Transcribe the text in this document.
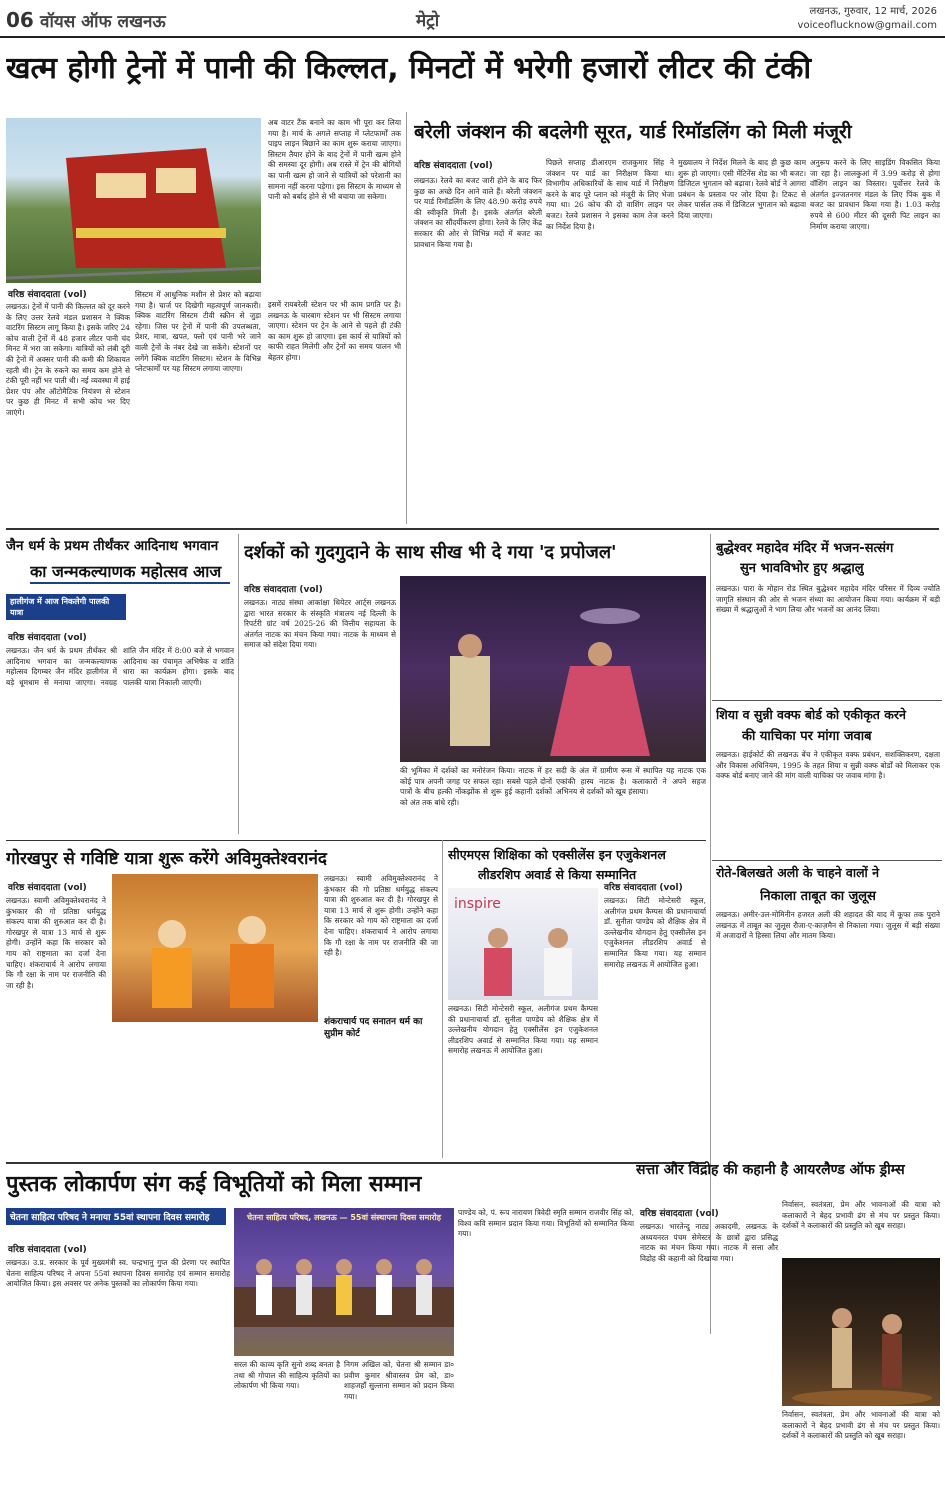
06 वॉयस ऑफ लखनऊ	मेट्रो	लखनऊ, गुरुवार, 12 मार्च, 2026
voiceoflucknow@gmail.com
खत्म होगी ट्रेनों में पानी की किल्लत, मिनटों में भरेगी हजारों लीटर की टंकी
वरिष्ठ संवाददाता (vol)
लखनऊ। ट्रेनों में पानी की किल्लत को दूर करने के लिए उत्तर रेलवे मंडल प्रशासन ने क्विक वाटरिंग सिस्टम लागू किया है। इसके जरिए 24 कोच वाली ट्रेनों में 48 हजार लीटर पानी चंद मिनट में भरा जा सकेगा। यात्रियों को लंबी दूरी की ट्रेनों में अक्सर पानी की कमी की शिकायत रहती थी। ट्रेन के रुकने का समय कम होने से टंकी पूरी नहीं भर पाती थी। नई व्यवस्था में हाई प्रेशर पंप और ऑटोमैटिक नियंत्रण से स्टेशन पर कुछ ही मिनट में सभी कोच भर दिए जाएंगे।
सिस्टम में आधुनिक मशीन से प्रेशर को बढ़ाया गया है। चार्ज पर दिखेगी महत्वपूर्ण जानकारी। क्विक वाटरिंग सिस्टम टीवी स्क्रीन से जुड़ा रहेगा। जिस पर ट्रेनों में पानी की उपलब्धता, प्रेशर, मात्रा, खपत, फ्लो एवं पानी भरे जाने वाली ट्रेनों के नंबर देखे जा सकेंगे। स्टेशनों पर लगेंगे क्विक वाटरिंग सिस्टम। स्टेशन के विभिन्न प्लेटफार्मों पर यह सिस्टम लगाया जाएगा।
अब वाटर टैंक बनाने का काम भी पूरा कर लिया गया है। मार्च के अगले सप्ताह में प्लेटफार्मों तक पाइप लाइन बिछाने का काम शुरू कराया जाएगा। सिस्टम तैयार होने के बाद ट्रेनों में पानी खत्म होने की समस्या दूर होगी। अब रास्ते में ट्रेन की बोगियों का पानी खत्म हो जाने से यात्रियों को परेशानी का सामना नहीं करना पड़ेगा। इस सिस्टम के माध्यम से पानी को बर्बाद होने से भी बचाया जा सकेगा।
इसमें रायबरेली स्टेशन पर भी काम प्रगति पर है। लखनऊ के चारबाग स्टेशन पर भी सिस्टम लगाया जाएगा। स्टेशन पर ट्रेन के आने से पहले ही टंकी का काम शुरू हो जाएगा। इस कार्य से यात्रियों को काफी राहत मिलेगी और ट्रेनों का समय पालन भी बेहतर होगा।
बरेली जंक्शन की बदलेगी सूरत, यार्ड रिमॉडलिंग को मिली मंजूरी
वरिष्ठ संवाददाता (vol)
लखनऊ। रेलवे का बजट जारी होने के बाद फिर कुछ का अच्छे दिन आने वाले हैं। बरेली जंक्शन पर यार्ड रिमॉडलिंग के लिए 48.90 करोड़ रुपये की स्वीकृति मिली है। इसके अंतर्गत बरेली जंक्शन का सौंदर्यीकरण होगा। रेलवे के लिए केंद्र सरकार की ओर से विभिन्न मदों में बजट का प्रावधान किया गया है।
पिछले सप्ताह डीआरएम राजकुमार सिंह ने जंक्शन पर यार्ड का निरीक्षण किया था। विभागीय अधिकारियों के साथ यार्ड में निरीक्षण करने के बाद पूरे प्लान को मंजूरी के लिए भेजा गया था। 26 कोच की दो वाशिंग लाइन पर बजट। रेलवे प्रशासन ने इसका काम तेज करने का निर्देश दिया है।
मुख्यालय ने निर्देश मिलने के बाद ही कुछ काम शुरू हो जाएगा। एसी मेंटिनेंस शेड का भी बजट। डिजिटल भुगतान को बढ़ावा। रेलवे बोर्ड ने आगरा प्रबंधन के प्रस्ताव पर जोर दिया है। टिकट से लेकर पार्सल तक में डिजिटल भुगतान को बढ़ावा दिया जाएगा।
अनुरूप करने के लिए साइडिंग विकसित किया जा रहा है। लालकुआं में 3.99 करोड़ से होगा वॉशिंग लाइन का विस्तार। पूर्वोत्तर रेलवे के अंतर्गत इज्जतनगर मंडल के लिए पिंक बुक में बजट का प्रावधान किया गया है। 1.03 करोड़ रुपये से 600 मीटर की दूसरी पिट लाइन का निर्माण कराया जाएगा।
जैन धर्म के प्रथम तीर्थंकर आदिनाथ भगवान
का जन्मकल्याणक महोत्सव आज
हालीगंज में आज निकलेगी पालकी यात्रा
वरिष्ठ संवाददाता (vol)
लखनऊ। जैन धर्म के प्रथम तीर्थंकर श्री आदिनाथ भगवान का जन्मकल्याणक महोत्सव दिगम्बर जैन मंदिर हालीगंज में बड़े धूमधाम से मनाया जाएगा। नवग्रह शांति जैन मंदिर में 8:00 बजे से भगवान आदिनाथ का पंचामृत अभिषेक व शांति धारा का कार्यक्रम होगा। इसके बाद पालकी यात्रा निकाली जाएगी।
दर्शकों को गुदगुदाने के साथ सीख भी दे गया 'द प्रपोजल'
वरिष्ठ संवाददाता (vol)
लखनऊ। नाट्य संस्था आकांक्षा थियेटर आर्ट्स लखनऊ द्वारा भारत सरकार के संस्कृति मंत्रालय नई दिल्ली के रिपर्टरी ग्रांट वर्ष 2025-26 की वित्तीय सहायता के अंतर्गत नाटक का मंचन किया गया। नाटक के माध्यम से समाज को संदेश दिया गया।
की भूमिका में दर्शकों का मनोरंजन किया। नाटक में हर कोई पात्र अपनी जगह पर सफल रहा। सबसे पहले दोनों पात्रों के बीच हल्की नोंकझोंक से शुरू हुई कहानी दर्शकों को अंत तक बांधे रही।
सदी के अंत में ग्रामीण रूस में स्थापित यह नाटक एक एकांकी हास्य नाटक है। कलाकारों ने अपने सहज अभिनय से दर्शकों को खूब हंसाया।
बुद्धेश्वर महादेव मंदिर में भजन-सत्संग
सुन भावविभोर हुए श्रद्धालु
लखनऊ। पारा के मोहान रोड स्थित बुद्धेश्वर महादेव मंदिर परिसर में दिव्य ज्योति जागृति संस्थान की ओर से भजन संध्या का आयोजन किया गया। कार्यक्रम में बड़ी संख्या में श्रद्धालुओं ने भाग लिया और भजनों का आनंद लिया।
शिया व सुन्नी वक्फ बोर्ड को एकीकृत करने
की याचिका पर मांगा जवाब
लखनऊ। हाईकोर्ट की लखनऊ बेंच ने एकीकृत वक्फ प्रबंधन, सशक्तिकरण, दक्षता और विकास अधिनियम, 1995 के तहत शिया व सुन्नी वक्फ बोर्डों को मिलाकर एक वक्फ बोर्ड बनाए जाने की मांग वाली याचिका पर जवाब मांगा है।
रोते-बिलखते अली के चाहने वालों ने
निकाला ताबूत का जुलूस
लखनऊ। अमीर-उल-मोमिनीन हजरत अली की शहादत की याद में कूफा तक पुराने लखनऊ में ताबूत का जुलूस रौजा-ए-काज़मैन से निकाला गया। जुलूस में बड़ी संख्या में अजादारों ने हिस्सा लिया और मातम किया।
गोरखपुर से गविष्टि यात्रा शुरू करेंगे अविमुक्तेश्वरानंद
वरिष्ठ संवाददाता (vol)
लखनऊ। स्वामी अविमुक्तेश्वरानंद ने कुंभकार की गो प्रतिष्ठा धर्मयुद्ध संकल्प यात्रा की शुरुआत कर दी है। गोरखपुर से यात्रा 13 मार्च से शुरू होगी। उन्होंने कहा कि सरकार को गाय को राष्ट्रमाता का दर्जा देना चाहिए। शंकराचार्य ने आरोप लगाया कि गौ रक्षा के नाम पर राजनीति की जा रही है।
लखनऊ। स्वामी अविमुक्तेश्वरानंद ने कुंभकार की गो प्रतिष्ठा धर्मयुद्ध संकल्प यात्रा की शुरुआत कर दी है। गोरखपुर से यात्रा 13 मार्च से शुरू होगी। उन्होंने कहा कि सरकार को गाय को राष्ट्रमाता का दर्जा देना चाहिए। शंकराचार्य ने आरोप लगाया कि गौ रक्षा के नाम पर राजनीति की जा रही है।
शंकराचार्य पद सनातन धर्म का सुप्रीम कोर्ट
सीएमएस शिक्षिका को एक्सीलेंस इन एजुकेशनल
लीडरशिप अवार्ड से किया सम्मानित
inspire
लखनऊ। सिटी मोन्टेसरी स्कूल, अलीगंज प्रथम कैम्पस की प्रधानाचार्या डॉ. सुनीता पाण्डेय को शैक्षिक क्षेत्र में उल्लेखनीय योगदान हेतु एक्सीलेंस इन एजुकेशनल लीडरशिप अवार्ड से सम्मानित किया गया। यह सम्मान समारोह लखनऊ में आयोजित हुआ।
वरिष्ठ संवाददाता (vol)
लखनऊ। सिटी मोन्टेसरी स्कूल, अलीगंज प्रथम कैम्पस की प्रधानाचार्या डॉ. सुनीता पाण्डेय को शैक्षिक क्षेत्र में उल्लेखनीय योगदान हेतु एक्सीलेंस इन एजुकेशनल लीडरशिप अवार्ड से सम्मानित किया गया। यह सम्मान समारोह लखनऊ में आयोजित हुआ।
पुस्तक लोकार्पण संग कई विभूतियों को मिला सम्मान
चेतना साहित्य परिषद ने मनाया 55वां स्थापना दिवस समारोह
वरिष्ठ संवाददाता (vol)
लखनऊ। उ.प्र. सरकार के पूर्व मुख्यमंत्री स्व. चन्द्रभानु गुप्त की प्रेरणा पर स्थापित चेतना साहित्य परिषद ने अपना 55वां स्थापना दिवस समारोह एवं सम्मान समारोह आयोजित किया। इस अवसर पर अनेक पुस्तकों का लोकार्पण किया गया।
चेतना साहित्य परिषद, लखनऊ — 55वां संस्थापना दिवस समारोह
सरल की काव्य कृति सुनो शब्द बनता है तथा श्री गोपाल की साहित्य कृतियों का लोकार्पण भी किया गया।
निगम अखिल को, चेतना श्री सम्मान डा० प्रवीण कुमार श्रीवास्तव प्रेम को, डा० शाहजहाँ सुल्ताना सम्मान को प्रदान किया गया।
पाण्डेय को, पं. रूप नारायण त्रिवेदी स्मृति सम्मान राजवीर सिंह को, विश्व कवि सम्मान प्रदान किया गया। विभूतियों को सम्मानित किया गया।
सत्ता और विद्रोह की कहानी है आयरलैण्ड ऑफ ड्रीम्स
वरिष्ठ संवाददाता (vol)
लखनऊ। भारतेन्दु नाट्य अकादमी, लखनऊ के अध्ययनरत पंचम सेमेस्टर के छात्रों द्वारा प्रसिद्ध नाटक का मंचन किया गया। नाटक में सत्ता और विद्रोह की कहानी को दिखाया गया।
निर्वासन, स्वतंत्रता, प्रेम और भावनाओं की यात्रा को कलाकारों ने बेहद प्रभावी ढंग से मंच पर प्रस्तुत किया। दर्शकों ने कलाकारों की प्रस्तुति को खूब सराहा।
निर्वासन, स्वतंत्रता, प्रेम और भावनाओं की यात्रा को कलाकारों ने बेहद प्रभावी ढंग से मंच पर प्रस्तुत किया। दर्शकों ने कलाकारों की प्रस्तुति को खूब सराहा।
